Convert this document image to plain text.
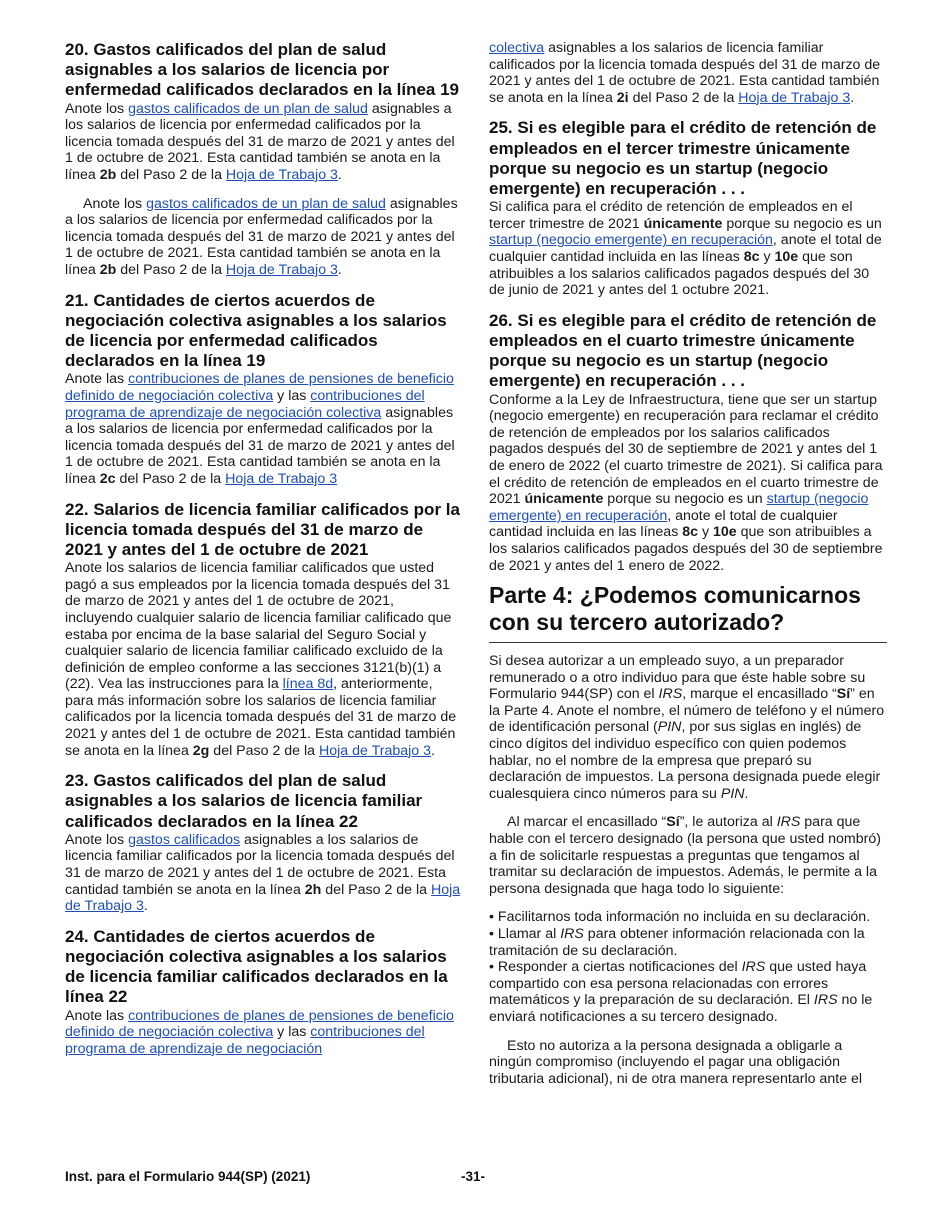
20. Gastos calificados del plan de salud asignables a los salarios de licencia por enfermedad calificados declarados en la línea 19

Anote los gastos calificados de un plan de salud asignables a los salarios de licencia por enfermedad calificados por la licencia tomada después del 31 de marzo de 2021 y antes del 1 de octubre de 2021. Esta cantidad también se anota en la línea 2b del Paso 2 de la Hoja de Trabajo 3.

Anote los gastos calificados de un plan de salud asignables a los salarios de licencia por enfermedad calificados por la licencia tomada después del 31 de marzo de 2021 y antes del 1 de octubre de 2021. Esta cantidad también se anota en la línea 2b del Paso 2 de la Hoja de Trabajo 3.

21. Cantidades de ciertos acuerdos de negociación colectiva asignables a los salarios de licencia por enfermedad calificados declarados en la línea 19

Anote las contribuciones de planes de pensiones de beneficio definido de negociación colectiva y las contribuciones del programa de aprendizaje de negociación colectiva asignables a los salarios de licencia por enfermedad calificados por la licencia tomada después del 31 de marzo de 2021 y antes del 1 de octubre de 2021. Esta cantidad también se anota en la línea 2c del Paso 2 de la Hoja de Trabajo 3

22. Salarios de licencia familiar calificados por la licencia tomada después del 31 de marzo de 2021 y antes del 1 de octubre de 2021

Anote los salarios de licencia familiar calificados que usted pagó a sus empleados por la licencia tomada después del 31 de marzo de 2021 y antes del 1 de octubre de 2021, incluyendo cualquier salario de licencia familiar calificado que estaba por encima de la base salarial del Seguro Social y cualquier salario de licencia familiar calificado excluido de la definición de empleo conforme a las secciones 3121(b)(1) a (22). Vea las instrucciones para la línea 8d, anteriormente, para más información sobre los salarios de licencia familiar calificados por la licencia tomada después del 31 de marzo de 2021 y antes del 1 de octubre de 2021. Esta cantidad también se anota en la línea 2g del Paso 2 de la Hoja de Trabajo 3.

23. Gastos calificados del plan de salud asignables a los salarios de licencia familiar calificados declarados en la línea 22

Anote los gastos calificados asignables a los salarios de licencia familiar calificados por la licencia tomada después del 31 de marzo de 2021 y antes del 1 de octubre de 2021. Esta cantidad también se anota en la línea 2h del Paso 2 de la Hoja de Trabajo 3.

24. Cantidades de ciertos acuerdos de negociación colectiva asignables a los salarios de licencia familiar calificados declarados en la línea 22

Anote las contribuciones de planes de pensiones de beneficio definido de negociación colectiva y las contribuciones del programa de aprendizaje de negociación

colectiva asignables a los salarios de licencia familiar calificados por la licencia tomada después del 31 de marzo de 2021 y antes del 1 de octubre de 2021. Esta cantidad también se anota en la línea 2i del Paso 2 de la Hoja de Trabajo 3.

25. Si es elegible para el crédito de retención de empleados en el tercer trimestre únicamente porque su negocio es un startup (negocio emergente) en recuperación . . .

Si califica para el crédito de retención de empleados en el tercer trimestre de 2021 únicamente porque su negocio es un startup (negocio emergente) en recuperación, anote el total de cualquier cantidad incluida en las líneas 8c y 10e que son atribuibles a los salarios calificados pagados después del 30 de junio de 2021 y antes del 1 octubre 2021.

26. Si es elegible para el crédito de retención de empleados en el cuarto trimestre únicamente porque su negocio es un startup (negocio emergente) en recuperación . . .

Conforme a la Ley de Infraestructura, tiene que ser un startup (negocio emergente) en recuperación para reclamar el crédito de retención de empleados por los salarios calificados pagados después del 30 de septiembre de 2021 y antes del 1 de enero de 2022 (el cuarto trimestre de 2021). Si califica para el crédito de retención de empleados en el cuarto trimestre de 2021 únicamente porque su negocio es un startup (negocio emergente) en recuperación, anote el total de cualquier cantidad incluida en las líneas 8c y 10e que son atribuibles a los salarios calificados pagados después del 30 de septiembre de 2021 y antes del 1 enero de 2022.

Parte 4: ¿Podemos comunicarnos con su tercero autorizado?

Si desea autorizar a un empleado suyo, a un preparador remunerado o a otro individuo para que éste hable sobre su Formulario 944(SP) con el IRS, marque el encasillado “Sí” en la Parte 4. Anote el nombre, el número de teléfono y el número de identificación personal (PIN, por sus siglas en inglés) de cinco dígitos del individuo específico con quien podemos hablar, no el nombre de la empresa que preparó su declaración de impuestos. La persona designada puede elegir cualesquiera cinco números para su PIN.

Al marcar el encasillado “Sí”, le autoriza al IRS para que hable con el tercero designado (la persona que usted nombró) a fin de solicitarle respuestas a preguntas que tengamos al tramitar su declaración de impuestos. Además, le permite a la persona designada que haga todo lo siguiente:

• Facilitarnos toda información no incluida en su declaración.

• Llamar al IRS para obtener información relacionada con la tramitación de su declaración.

• Responder a ciertas notificaciones del IRS que usted haya compartido con esa persona relacionadas con errores matemáticos y la preparación de su declaración. El IRS no le enviará notificaciones a su tercero designado.

Esto no autoriza a la persona designada a obligarle a ningún compromiso (incluyendo el pagar una obligación tributaria adicional), ni de otra manera representarlo ante el

Inst. para el Formulario 944(SP) (2021)	-31-
